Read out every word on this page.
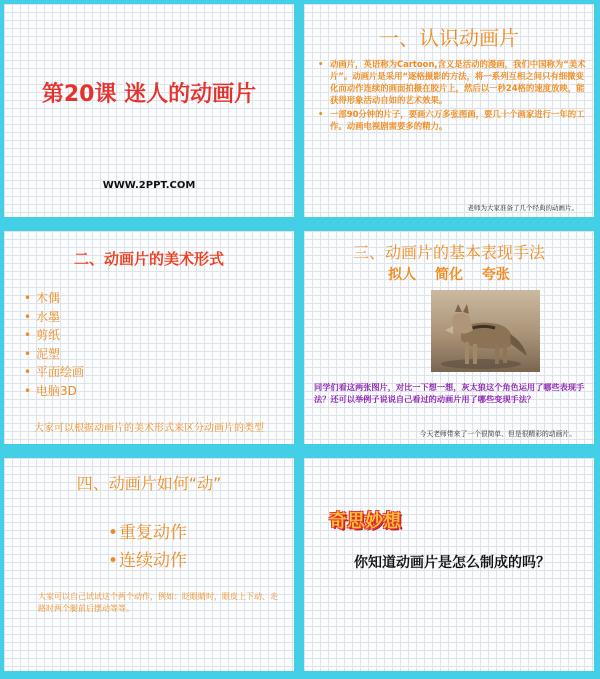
第20课 迷人的动画片
WWW.2PPT.COM
一、认识动画片
• 动画片，英语称为Cartoon,含义是活动的漫画，我们中国称为“美术片”。动画片是采用“逐格摄影的方法，将一系列互相之间只有细微变化而动作连续的画面拍摄在胶片上，然后以一秒24格的速度放映，能获得形象活动自如的艺术效果。
• 一部90分钟的片子，要画六万多张图画，要几十个画家进行一年的工作。动画电视剧需要多的精力。
老师为大家准备了几个经典的动画片。
二、动画片的美术形式
• 木偶
• 水墨
• 剪纸
• 泥塑
• 平面绘画
• 电脑3D
大家可以根据动画片的美术形式来区分动画片的类型
三、动画片的基本表现手法
拟人 简化 夸张
同学们看这两张图片，对比一下想一想，灰太狼这个角色运用了哪些表现手法？还可以举例子说说自己看过的动画片用了哪些变现手法？
今天老师带来了一个很简单、但是很精彩的动画片。
四、动画片如何“动”
•重复动作
•连续动作
大家可以自己试试这个两个动作，例如：眨眼睛时，眼皮上下动、走路时两个腿前后摆动等等。
奇思妙想
你知道动画片是怎么制成的吗？
